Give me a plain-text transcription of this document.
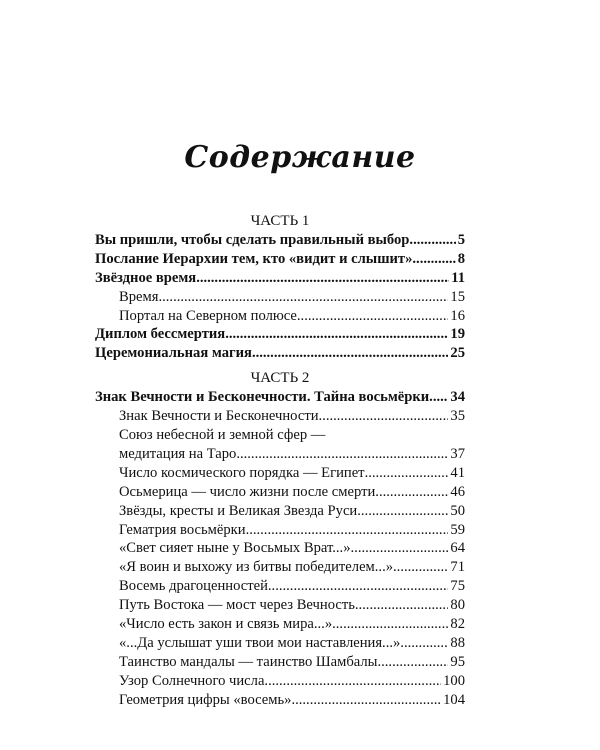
Содержание
ЧАСТЬ 1
Вы пришли, чтобы сделать правильный выбор .....	5
Послание Иерархии тем, кто «видит и слышит» .....	8
Звёздное время .....	11
Время .....	15
Портал на Северном полюсе .....	16
Диплом бессмертия .....	19
Церемониальная магия .....	25
ЧАСТЬ 2
Знак Вечности и Бесконечности. Тайна восьмёрки ..... 34
Знак Вечности и Бесконечности .....	35
Союз небесной и земной сфер —
медитация на Таро .....	37
Число космического порядка — Египет .....	41
Осьмерица — число жизни после смерти .....	46
Звёзды, кресты и Великая Звезда Руси .....	50
Гематрия восьмёрки .....	59
«Свет сияет ныне у Восьмых Врат...» .....	64
«Я воин и выхожу из битвы победителем...» .....	71
Восемь драгоценностей .....	75
Путь Востока — мост через Вечность .....	80
«Число есть закон и связь мира...» .....	82
«...Да услышат уши твои мои наставления...» .....	88
Таинство мандалы — таинство Шамбалы .....	95
Узор Солнечного числа .....	100
Геометрия цифры «восемь» .....	104
